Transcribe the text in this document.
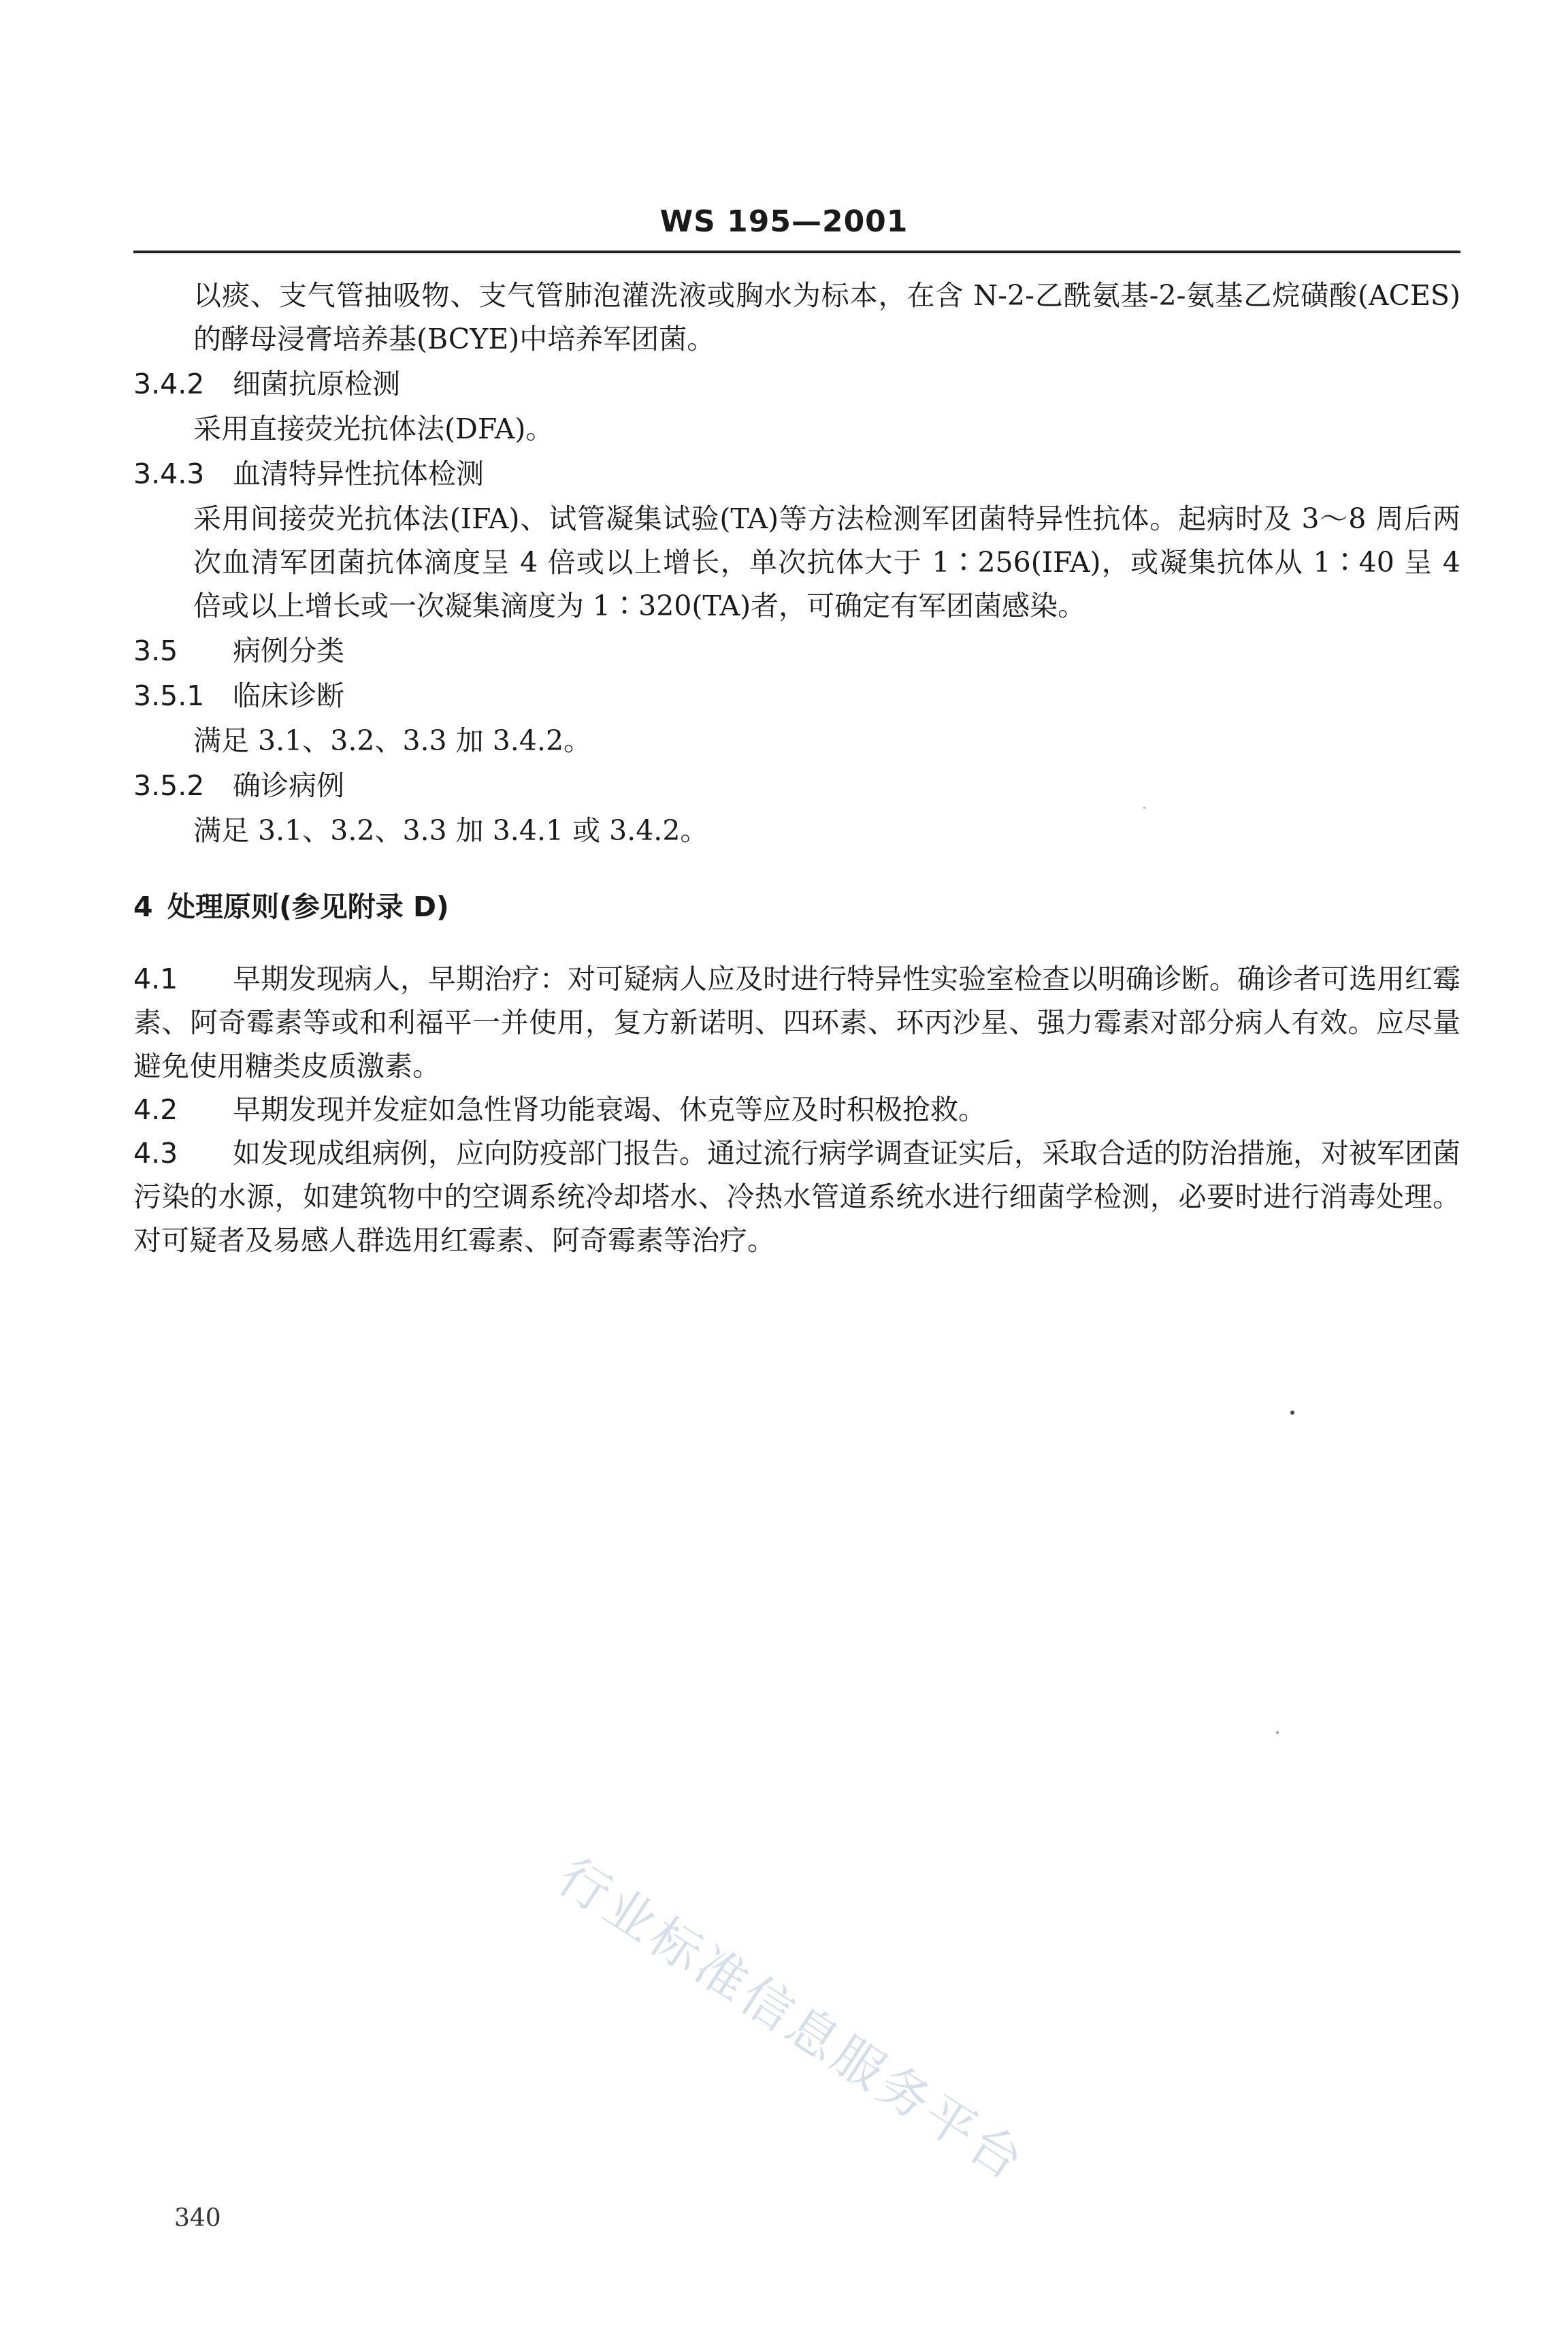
WS 195—2001

以痰、支气管抽吸物、支气管肺泡灌洗液或胸水为标本，在含 N-2-乙酰氨基-2-氨基乙烷磺酸(ACES)的酵母浸膏培养基(BCYE)中培养军团菌。

3.4.2 细菌抗原检测

采用直接荧光抗体法(DFA)。

3.4.3 血清特异性抗体检测

采用间接荧光抗体法(IFA)、试管凝集试验(TA)等方法检测军团菌特异性抗体。起病时及 3～8 周后两次血清军团菌抗体滴度呈 4 倍或以上增长，单次抗体大于 1∶256(IFA)，或凝集抗体从 1∶40 呈 4 倍或以上增长或一次凝集滴度为 1∶320(TA)者，可确定有军团菌感染。

3.5 病例分类
3.5.1 临床诊断

满足 3.1、3.2、3.3 加 3.4.2。

3.5.2 确诊病例

满足 3.1、3.2、3.3 加 3.4.1 或 3.4.2。

4 处理原则(参见附录 D)

4.1 早期发现病人，早期治疗：对可疑病人应及时进行特异性实验室检查以明确诊断。确诊者可选用红霉素、阿奇霉素等或和利福平一并使用，复方新诺明、四环素、环丙沙星、强力霉素对部分病人有效。应尽量避免使用糖类皮质激素。

4.2 早期发现并发症如急性肾功能衰竭、休克等应及时积极抢救。

4.3 如发现成组病例，应向防疫部门报告。通过流行病学调查证实后，采取合适的防治措施，对被军团菌污染的水源，如建筑物中的空调系统冷却塔水、冷热水管道系统水进行细菌学检测，必要时进行消毒处理。对可疑者及易感人群选用红霉素、阿奇霉素等治疗。

行业标准信息服务平台
340
